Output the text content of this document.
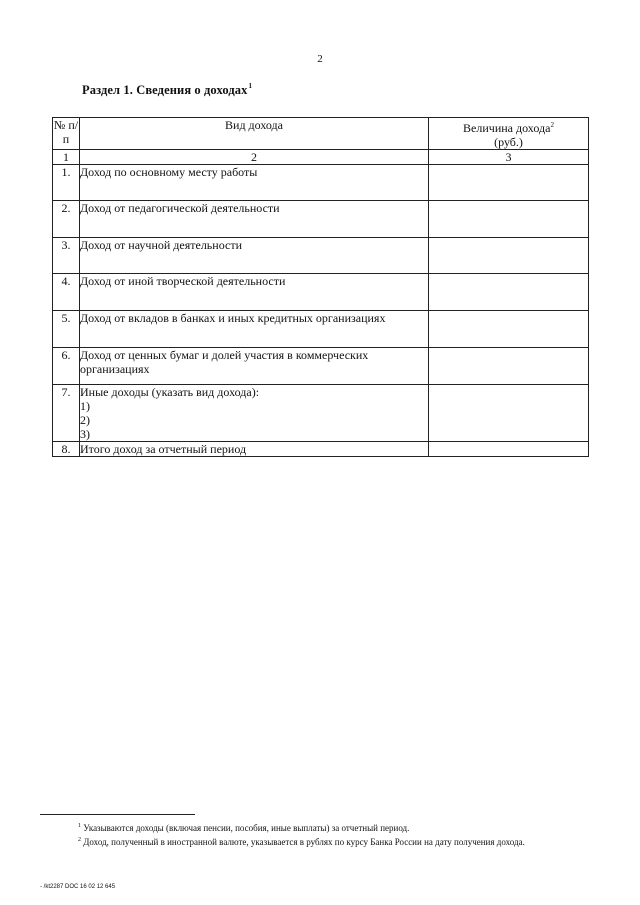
2
Раздел 1. Сведения о доходах$^1$
№ п/п	Вид дохода	Величина дохода$^2$
(руб.)
1	2	3
1.	Доход по основному месту работы	
2.	Доход от педагогической деятельности	
3.	Доход от научной деятельности	
4.	Доход от иной творческой деятельности	
5.	Доход от вкладов в банках и иных кредитных организациях	
6.	Доход от ценных бумаг и долей участия в коммерческих организациях	
7.	Иные доходы (указать вид дохода):
1)
2)
3)	

8.	Итого доход за отчетный период	

$^1$ Указываются доходы (включая пенсии, пособия, иные выплаты) за отчетный период.

$^2$ Доход, полученный в иностранной валюте, указывается в рублях по курсу Банка России на дату получения дохода.

- /kt2287 DOC 16 02 12 645
